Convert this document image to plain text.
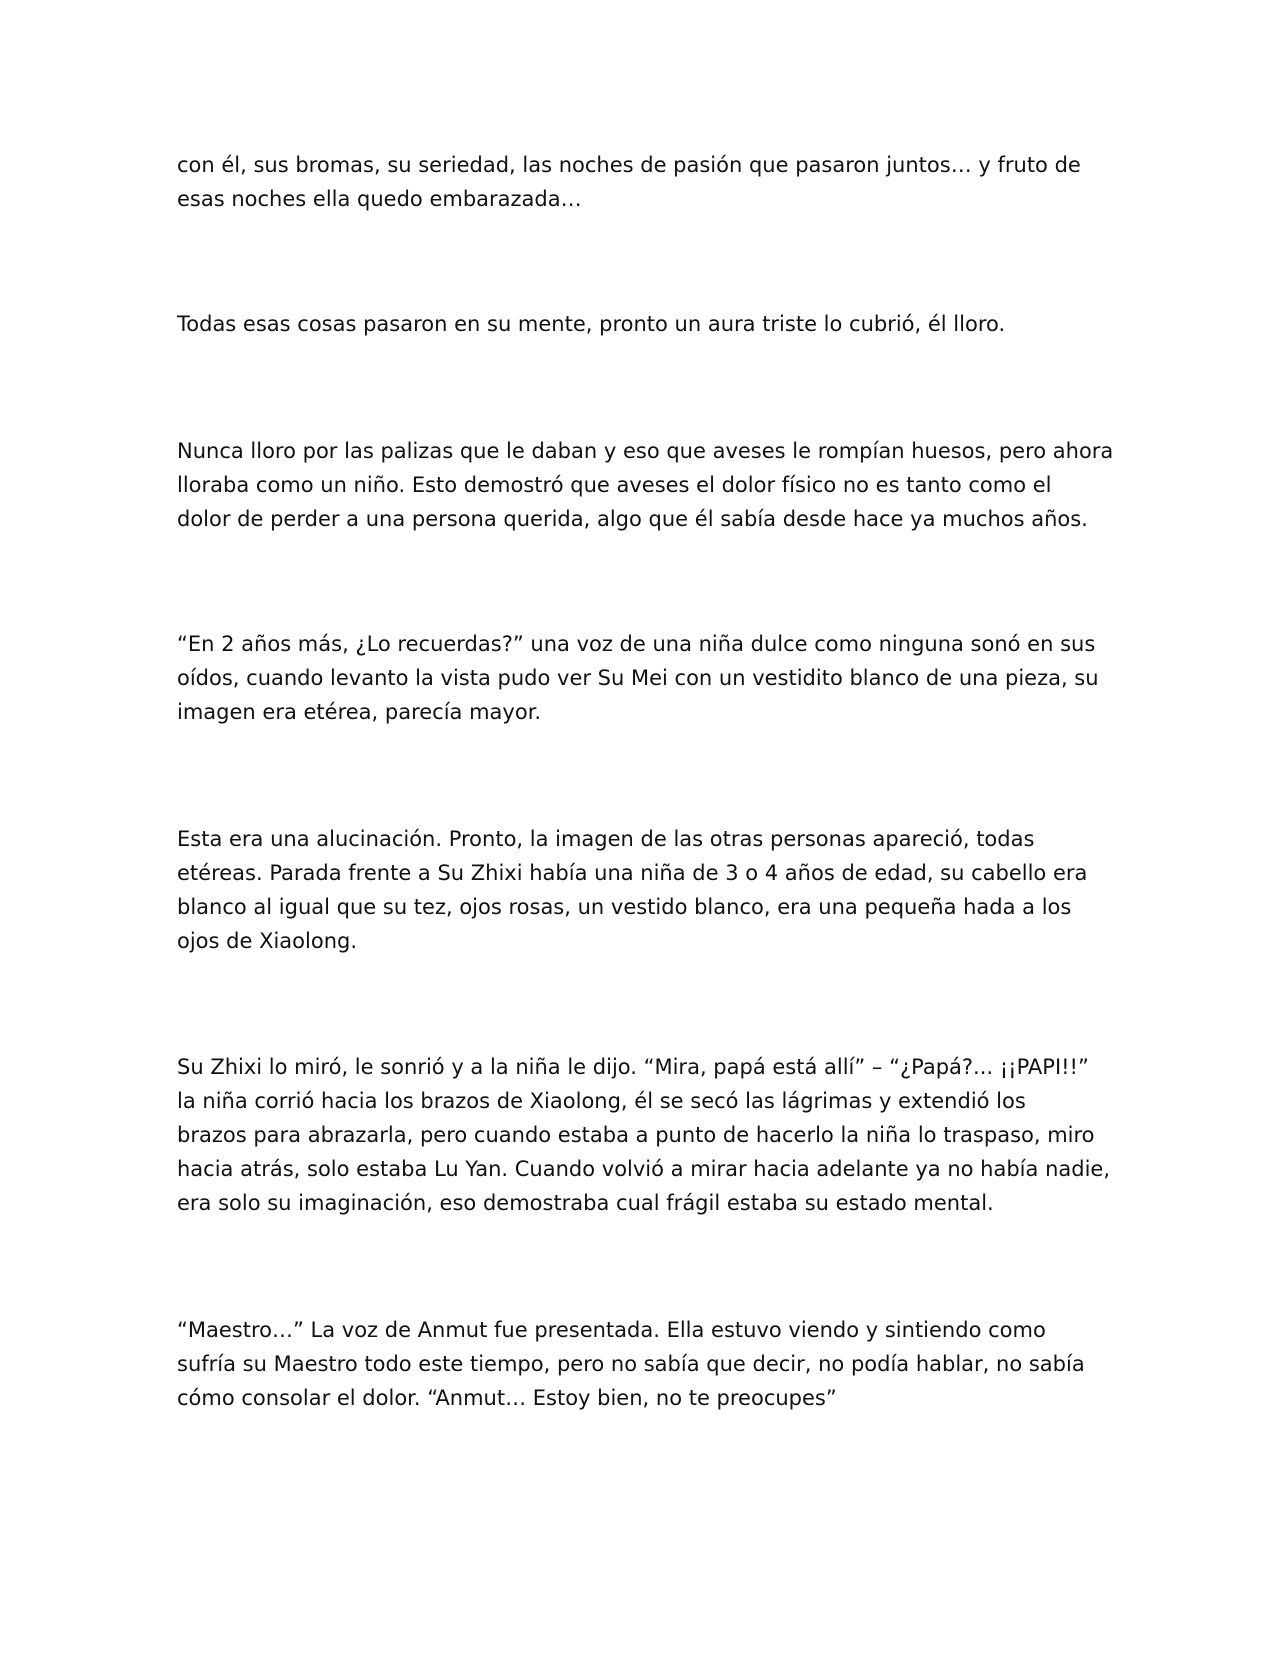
con él, sus bromas, su seriedad, las noches de pasión que pasaron juntos… y fruto de

esas noches ella quedo embarazada…

Todas esas cosas pasaron en su mente, pronto un aura triste lo cubrió, él lloro.

Nunca lloro por las palizas que le daban y eso que aveses le rompían huesos, pero ahora

lloraba como un niño. Esto demostró que aveses el dolor físico no es tanto como el

dolor de perder a una persona querida, algo que él sabía desde hace ya muchos años.

“En 2 años más, ¿Lo recuerdas?” una voz de una niña dulce como ninguna sonó en sus

oídos, cuando levanto la vista pudo ver Su Mei con un vestidito blanco de una pieza, su

imagen era etérea, parecía mayor.

Esta era una alucinación. Pronto, la imagen de las otras personas apareció, todas

etéreas. Parada frente a Su Zhixi había una niña de 3 o 4 años de edad, su cabello era

blanco al igual que su tez, ojos rosas, un vestido blanco, era una pequeña hada a los

ojos de Xiaolong.

Su Zhixi lo miró, le sonrió y a la niña le dijo. “Mira, papá está allí” – “¿Papá?... ¡¡PAPI!!”

la niña corrió hacia los brazos de Xiaolong, él se secó las lágrimas y extendió los

brazos para abrazarla, pero cuando estaba a punto de hacerlo la niña lo traspaso, miro

hacia atrás, solo estaba Lu Yan. Cuando volvió a mirar hacia adelante ya no había nadie,

era solo su imaginación, eso demostraba cual frágil estaba su estado mental.

“Maestro…” La voz de Anmut fue presentada. Ella estuvo viendo y sintiendo como

sufría su Maestro todo este tiempo, pero no sabía que decir, no podía hablar, no sabía

cómo consolar el dolor. “Anmut… Estoy bien, no te preocupes”
